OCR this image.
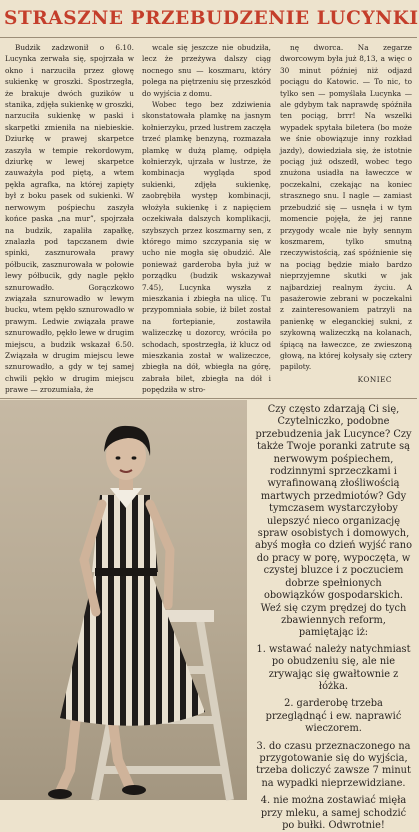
STRASZNE PRZEBUDZENIE LUCYNKI

Budzik zadzwonił o 6.10. Lucynka zerwała się, spojrzała w okno i narzuciła przez głowę sukienkę w groszki. Spostrzegła, że brakuje dwóch guzików u stanika, zdjęła sukienkę w groszki, narzuciła sukienkę w paski i skarpetki zmieniła na niebieskie. Dziurkę w prawej skarpetce zaszyła w tempie rekordowym, dziurkę w lewej skarpetce zauważyła pod piętą, a wtem pękła agrafka, na której zapięty był z boku pasek od sukienki. W nerwowym pośpiechu zaszyła końce paska „na mur”, spojrzała na budzik, zapaliła zapałkę, znalazła pod tapczanem dwie spinki, zasznurowała prawy półbucik, zasznurowała w połowie lewy półbucik, gdy nagle pękło sznurowadło. Gorączkowo związała sznurowadło w lewym bucku, wtem pękło sznurowadło w prawym. Ledwie związała prawe sznurowadło, pękło lewe w drugim miejscu, a budzik wskazał 6.50. Związała w drugim miejscu lewe sznurowadło, a gdy w tej samej chwili pękło w drugim miejscu prawe — zrozumiała, że

wcale się jeszcze nie obudziła, lecz że przeżywa dalszy ciąg nocnego snu — koszmaru, który polega na piętrzeniu się przeszkód do wyjścia z domu.

Wobec tego bez zdziwienia skonstatowała plamkę na jasnym kołnierzyku, przed lustrem zaczęła trzeć plamkę benzyną, rozmazała plamkę w dużą plamę, odpięła kołnierzyk, ujrzała w lustrze, że kombinacja wygląda spod sukienki, zdjęła sukienkę, zaobrębiła występ kombinacji, włożyła sukienkę i z napięciem oczekiwała dalszych komplikacji, szybszych przez koszmarny sen, z którego mimo szczypania się w ucho nie mogła się obudzić. Ale ponieważ garderoba była już w porządku (budzik wskazywał 7.45), Lucynka wyszła z mieszkania i zbiegła na ulicę. Tu przypomniała sobie, iż bilet został na fortepianie, zostawiła walizeczkę u dozorcy, wróciła po schodach, spostrzegła, iż klucz od mieszkania został w walizeczce, zbiegła na dół, wbiegła na górę, zabrała bilet, zbiegła na dół i popędziła w stro-

nę dworca. Na zegarze dworcowym była już 8,13, a więc o 30 minut później niż odjazd pociągu do Katowic. — To nic, to tylko sen — pomyślała Lucynka — ale gdybym tak naprawdę spóźniła ten pociąg, brrr! Na wszelki wypadek spytała bileterа (bo może we śnie obowiązuje inny rozkład jazdy), dowiedziała się, że istotnie pociąg już odszedł, wobec tego znużona usiadła na ławeczce w poczekalni, czekając na koniec strasznego snu. I nagle — zamiast przebudzić się — usnęła i w tym momencie pojęła, że jej ranne przygody wcale nie były sennym koszmarem, tylko smutną rzeczywistością, zaś spóźnienie się na pociąg będzie miało bardzo nieprzyjemne skutki w jak najbardziej realnym życiu. A pasażerowie zebrani w poczekalni z zainteresowaniem patrzyli na panienkę w eleganckiej sukni, z szykowną walizeczką na kolanach, śpiącą na ławeczce, ze zwieszoną głową, na której kołysały się cztery papiloty.

KONIEC

Czy często zdarzają Ci się, Czytelniczko, podobne przebudzenia jak Lucynce? Czy także Twoje poranki zatrute są nerwowym pośpiechem, rodzinnymi sprzeczkami i wyrafinowaną złośliwością martwych przedmiotów? Gdy tymczasem wystarczyłoby ulepszyć nieco organizację spraw osobistych i domowych, abyś mogła co dzień wyjść rano do pracy w porę, wypoczęta, w czystej bluzce i z poczuciem dobrze spełnionych obowiązków gospodarskich. Weź się czym prędzej do tych zbawiennych reform, pamiętając iż:

1. wstawać należy natychmiast po obudzeniu się, ale nie zrywając się gwałtownie z łóżka.
2. garderobę trzeba przeglądnąć i ew. naprawić wieczorem.
3. do czasu przeznaczonego na przygotowanie się do wyjścia, trzeba doliczyć zawsze 7 minut na wypadki nieprzewidziane.
4. nie można zostawiać mięła przy mleku, a samej schodzić po bułki. Odwrotnie!
